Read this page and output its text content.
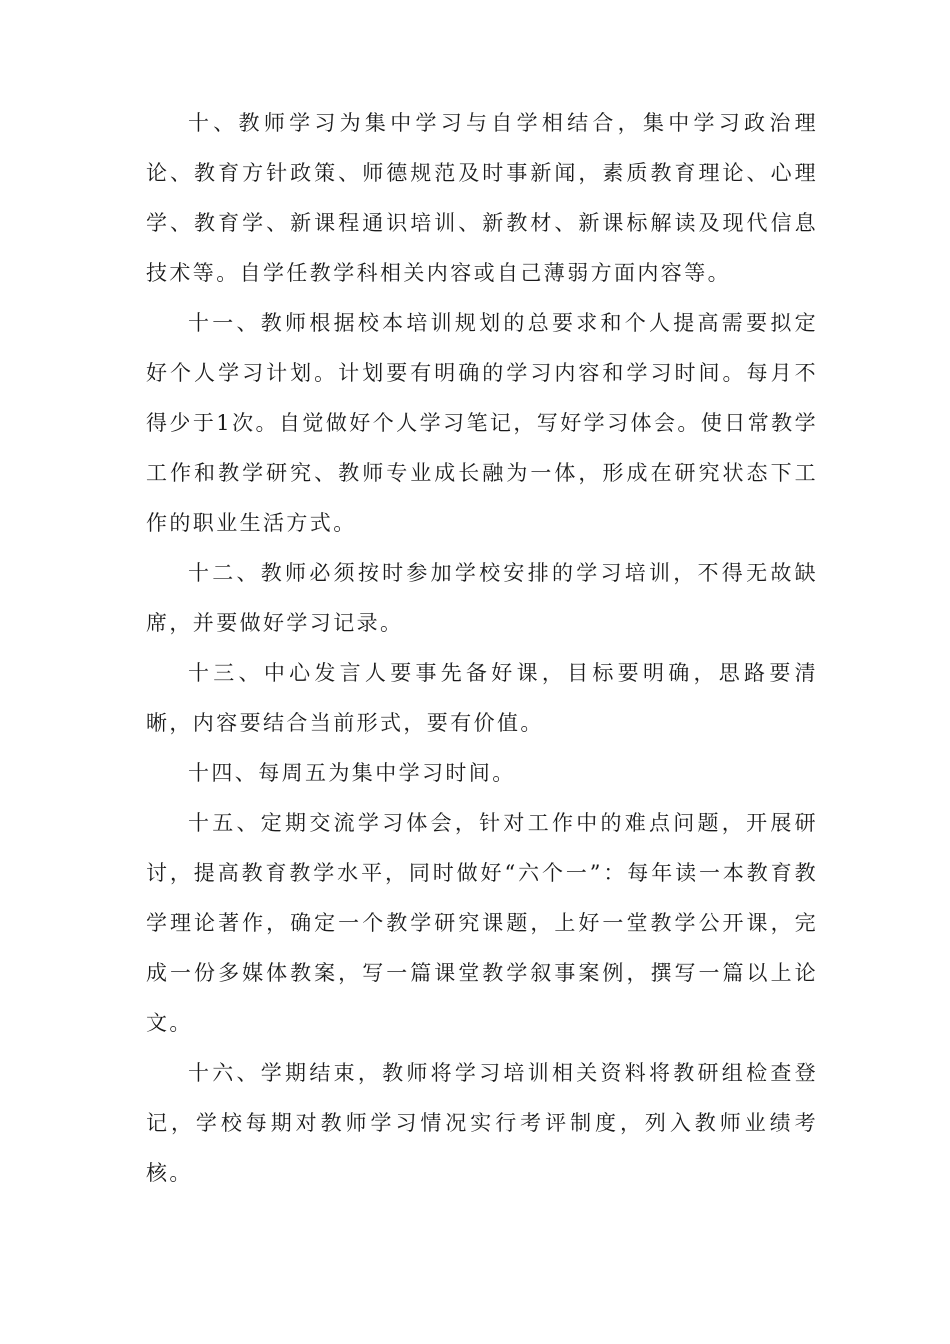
十、教师学习为集中学习与自学相结合，集中学习政治理论、教育方针政策、师德规范及时事新闻，素质教育理论、心理学、教育学、新课程通识培训、新教材、新课标解读及现代信息技术等。自学任教学科相关内容或自己薄弱方面内容等。

十一、教师根据校本培训规划的总要求和个人提高需要拟定好个人学习计划。计划要有明确的学习内容和学习时间。每月不得少于1次。自觉做好个人学习笔记，写好学习体会。使日常教学工作和教学研究、教师专业成长融为一体，形成在研究状态下工作的职业生活方式。

十二、教师必须按时参加学校安排的学习培训，不得无故缺席，并要做好学习记录。

十三、中心发言人要事先备好课，目标要明确，思路要清晰，内容要结合当前形式，要有价值。

十四、每周五为集中学习时间。

十五、定期交流学习体会，针对工作中的难点问题，开展研讨，提高教育教学水平，同时做好“六个一”：每年读一本教育教学理论著作，确定一个教学研究课题，上好一堂教学公开课，完成一份多媒体教案，写一篇课堂教学叙事案例，撰写一篇以上论文。

十六、学期结束，教师将学习培训相关资料将教研组检查登记，学校每期对教师学习情况实行考评制度，列入教师业绩考核。
